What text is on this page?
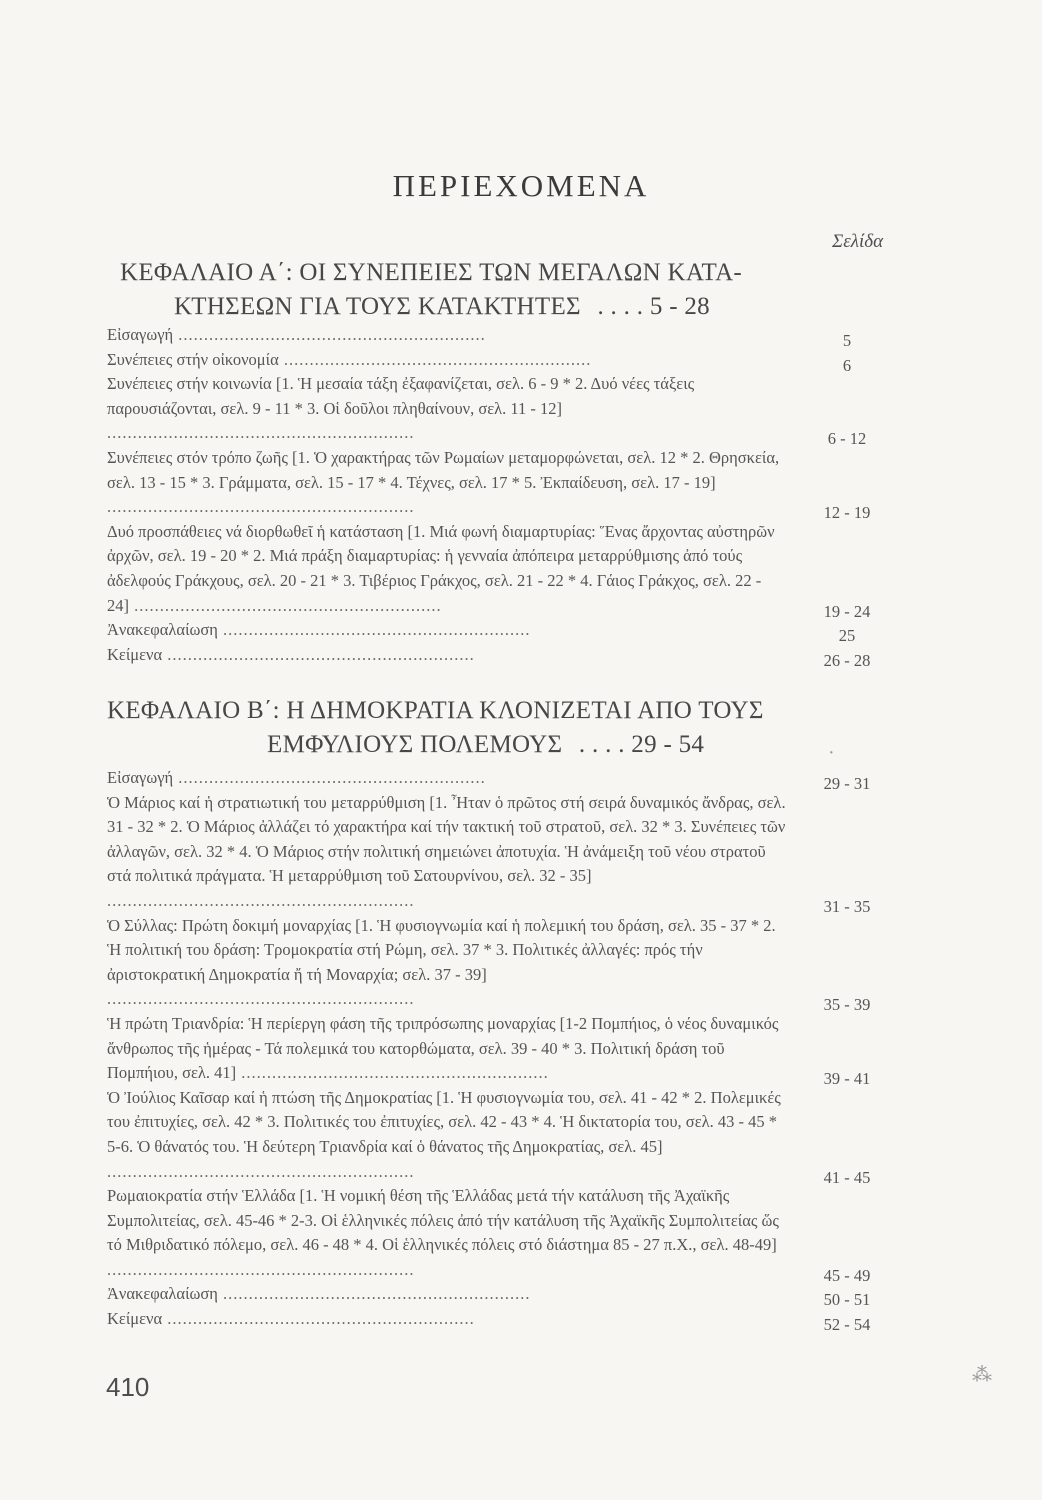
ΠΕΡΙΕΧΟΜΕΝΑ
Σελίδα
ΚΕΦΑΛΑΙΟ Α΄: ΟΙ ΣΥΝΕΠΕΙΕΣ ΤΩΝ ΜΕΓΑΛΩΝ ΚΑΤΑ-
ΚΤΗΣΕΩΝ ΓΙΑ ΤΟΥΣ ΚΑΤΑΚΤΗΤΕΣ . . . . 5 - 28
Εἰσαγωγή ............................................................	5
Συνέπειες στήν οἰκονομία ............................................................	6
Συνέπειες στήν κοινωνία [1. Ἡ μεσαία τάξη ἐξαφανίζεται, σελ. 6 - 9 * 2. Δυό νέες τάξεις παρουσιάζονται, σελ. 9 - 11 * 3. Οἱ δοῦλοι πληθαίνουν, σελ. 11 - 12] ............................................................	6 - 12
Συνέπειες στόν τρόπο ζωῆς [1. Ὁ χαρακτήρας τῶν Ρωμαίων μεταμορφώνεται, σελ. 12 * 2. Θρησκεία, σελ. 13 - 15 * 3. Γράμματα, σελ. 15 - 17 * 4. Τέχνες, σελ. 17 * 5. Ἐκπαίδευση, σελ. 17 - 19] ............................................................	12 - 19
Δυό προσπάθειες νά διορθωθεῖ ἡ κατάσταση [1. Μιά φωνή διαμαρτυρίας: Ἕνας ἄρχοντας αὐστηρῶν ἀρχῶν, σελ. 19 - 20 * 2. Μιά πράξη διαμαρτυρίας: ἡ γενναία ἀπόπειρα μεταρρύθμισης ἀπό τούς ἀδελφούς Γράκχους, σελ. 20 - 21 * 3. Τιβέριος Γράκχος, σελ. 21 - 22 * 4. Γάιος Γράκχος, σελ. 22 - 24] ............................................................	19 - 24
Ἀνακεφαλαίωση ............................................................	25
Κείμενα ............................................................	26 - 28
ΚΕΦΑΛΑΙΟ Β΄: Η ΔΗΜΟΚΡΑΤΙΑ ΚΛΟΝΙΖΕΤΑΙ ΑΠΟ ΤΟΥΣ
ΕΜΦΥΛΙΟΥΣ ΠΟΛΕΜΟΥΣ . . . . 29 - 54
Εἰσαγωγή ............................................................	29 - 31
Ὁ Μάριος καί ἡ στρατιωτική του μεταρρύθμιση [1. Ἦταν ὁ πρῶτος στή σειρά δυναμικός ἄνδρας, σελ. 31 - 32 * 2. Ὁ Μάριος ἀλλάζει τό χαρακτήρα καί τήν τακτική τοῦ στρατοῦ, σελ. 32 * 3. Συνέπειες τῶν ἀλλαγῶν, σελ. 32 * 4. Ὁ Μάριος στήν πολιτική σημειώνει ἀποτυχία. Ἡ ἀνάμειξη τοῦ νέου στρατοῦ στά πολιτικά πράγματα. Ἡ μεταρρύθμιση τοῦ Σατουρνίνου, σελ. 32 - 35] ............................................................	31 - 35
Ὁ Σύλλας: Πρώτη δοκιμή μοναρχίας [1. Ἡ φυσιογνωμία καί ἡ πολεμική του δράση, σελ. 35 - 37 * 2. Ἡ πολιτική του δράση: Τρομοκρατία στή Ρώμη, σελ. 37 * 3. Πολιτικές ἀλλαγές: πρός τήν ἀριστοκρατική Δημοκρατία ἤ τή Μοναρχία; σελ. 37 - 39] ............................................................	35 - 39
Ἡ πρώτη Τριανδρία: Ἡ περίεργη φάση τῆς τριπρόσωπης μοναρχίας [1-2 Πομπήιος, ὁ νέος δυναμικός ἄνθρωπος τῆς ἡμέρας - Τά πολεμικά του κατορθώματα, σελ. 39 - 40 * 3. Πολιτική δράση τοῦ Πομπήιου, σελ. 41] ............................................................	39 - 41
Ὁ Ἰούλιος Καῖσαρ καί ἡ πτώση τῆς Δημοκρατίας [1. Ἡ φυσιογνωμία του, σελ. 41 - 42 * 2. Πολεμικές του ἐπιτυχίες, σελ. 42 * 3. Πολιτικές του ἐπιτυχίες, σελ. 42 - 43 * 4. Ἡ δικτατορία του, σελ. 43 - 45 * 5-6. Ὁ θάνατός του. Ἡ δεύτερη Τριανδρία καί ὁ θάνατος τῆς Δημοκρατίας, σελ. 45] ............................................................	41 - 45
Ρωμαιοκρατία στήν Ἑλλάδα [1. Ἡ νομική θέση τῆς Ἑλλάδας μετά τήν κατάλυση τῆς Ἀχαϊκῆς Συμπολιτείας, σελ. 45-46 * 2-3. Οἱ ἑλληνικές πόλεις ἀπό τήν κατάλυση τῆς Ἀχαϊκῆς Συμπολιτείας ὥς τό Μιθριδατικό πόλεμο, σελ. 46 - 48 * 4. Οἱ ἑλληνικές πόλεις στό διάστημα 85 - 27 π.Χ., σελ. 48-49] ............................................................	45 - 49
Ἀνακεφαλαίωση ............................................................	50 - 51
Κείμενα ............................................................	52 - 54
410
·
⁂
